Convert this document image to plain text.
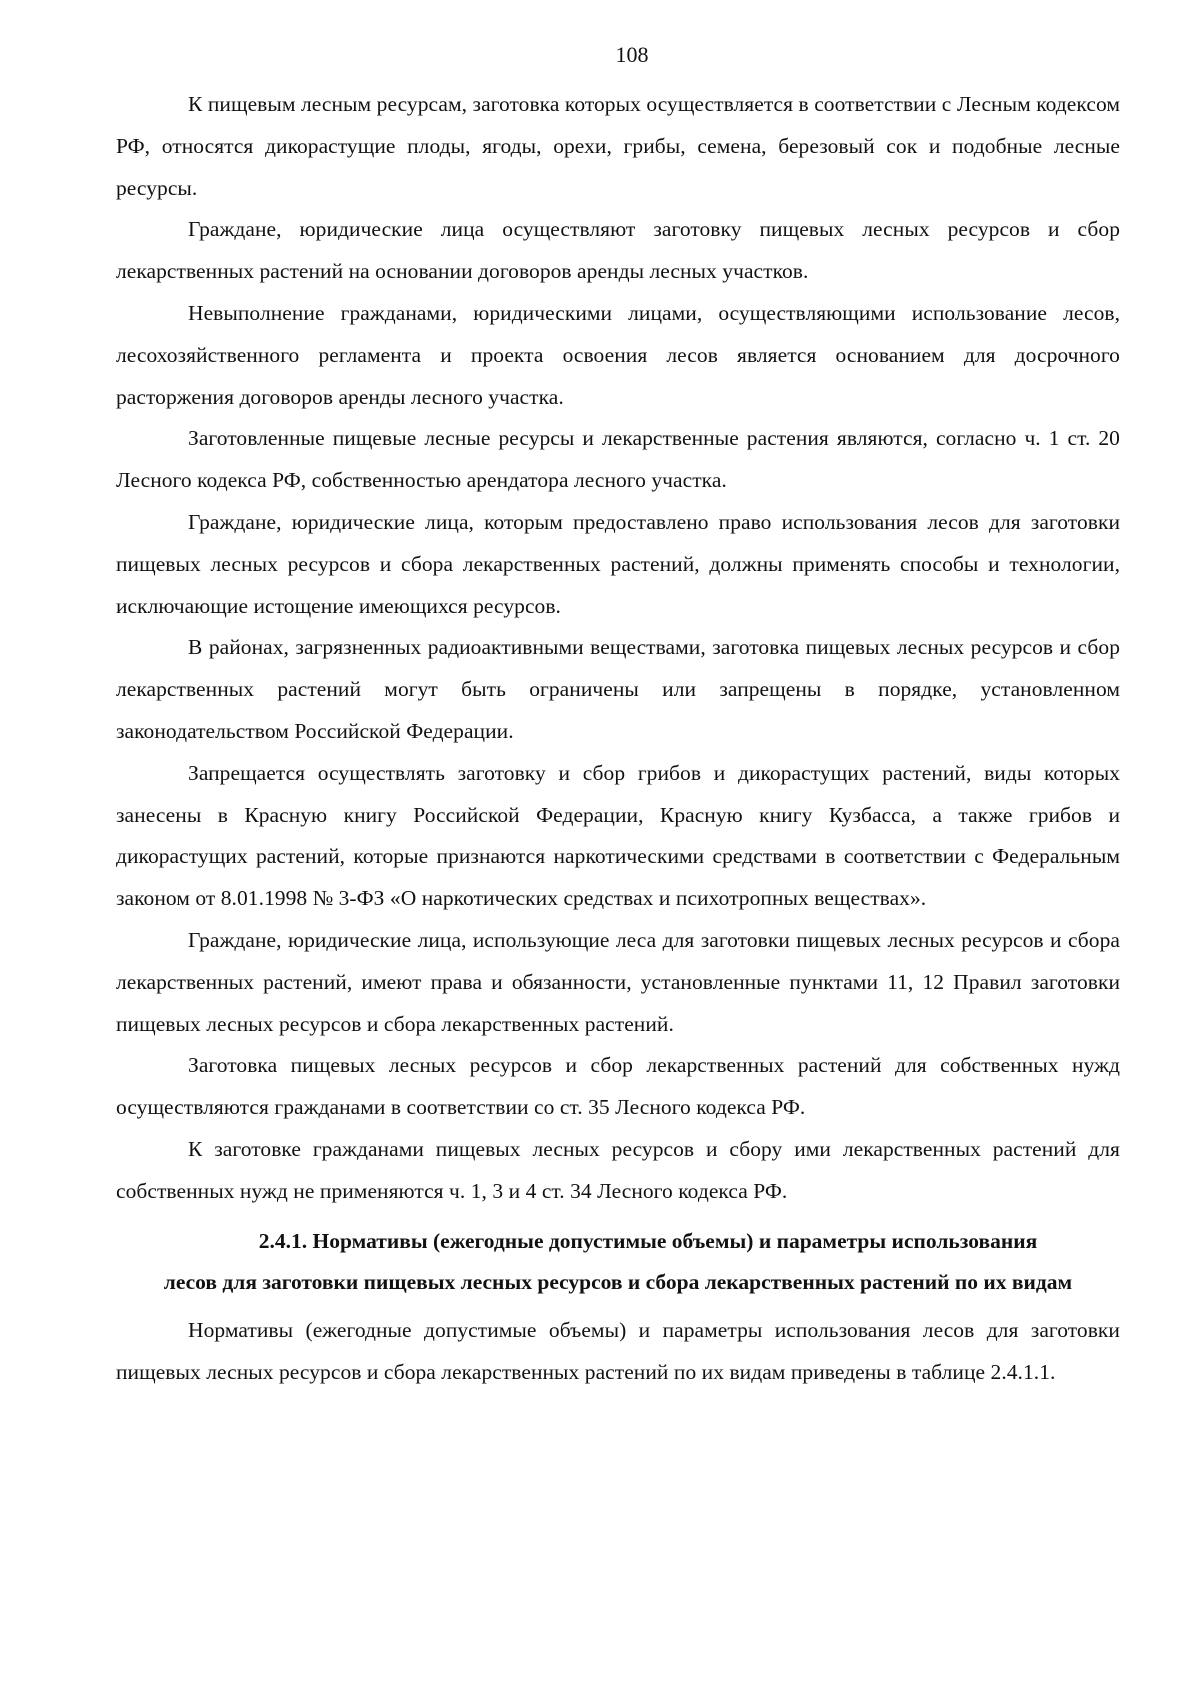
108

К пищевым лесным ресурсам, заготовка которых осуществляется в соответствии с Лесным кодексом РФ, относятся дикорастущие плоды, ягоды, орехи, грибы, семена, березовый сок и подобные лесные ресурсы.

Граждане, юридические лица осуществляют заготовку пищевых лесных ресурсов и сбор лекарственных растений на основании договоров аренды лесных участков.

Невыполнение гражданами, юридическими лицами, осуществляющими использование лесов, лесохозяйственного регламента и проекта освоения лесов является основанием для досрочного расторжения договоров аренды лесного участка.

Заготовленные пищевые лесные ресурсы и лекарственные растения являются, согласно ч. 1 ст. 20 Лесного кодекса РФ, собственностью арендатора лесного участка.

Граждане, юридические лица, которым предоставлено право использования лесов для заготовки пищевых лесных ресурсов и сбора лекарственных растений, должны применять способы и технологии, исключающие истощение имеющихся ресурсов.

В районах, загрязненных радиоактивными веществами, заготовка пищевых лесных ресурсов и сбор лекарственных растений могут быть ограничены или запрещены в порядке, установленном законодательством Российской Федерации.

Запрещается осуществлять заготовку и сбор грибов и дикорастущих растений, виды которых занесены в Красную книгу Российской Федерации, Красную книгу Кузбасса, а также грибов и дикорастущих растений, которые признаются наркотическими средствами в соответствии с Федеральным законом от 8.01.1998 № 3-ФЗ «О наркотических средствах и психотропных веществах».

Граждане, юридические лица, использующие леса для заготовки пищевых лесных ресурсов и сбора лекарственных растений, имеют права и обязанности, установленные пунктами 11, 12 Правил заготовки пищевых лесных ресурсов и сбора лекарственных растений.

Заготовка пищевых лесных ресурсов и сбор лекарственных растений для собственных нужд осуществляются гражданами в соответствии со ст. 35 Лесного кодекса РФ.

К заготовке гражданами пищевых лесных ресурсов и сбору ими лекарственных растений для собственных нужд не применяются ч. 1, 3 и 4 ст. 34 Лесного кодекса РФ.

2.4.1. Нормативы (ежегодные допустимые объемы) и параметры использования
лесов для заготовки пищевых лесных ресурсов и сбора лекарственных растений по их видам

Нормативы (ежегодные допустимые объемы) и параметры использования лесов для заготовки пищевых лесных ресурсов и сбора лекарственных растений по их видам приведены в таблице 2.4.1.1.
